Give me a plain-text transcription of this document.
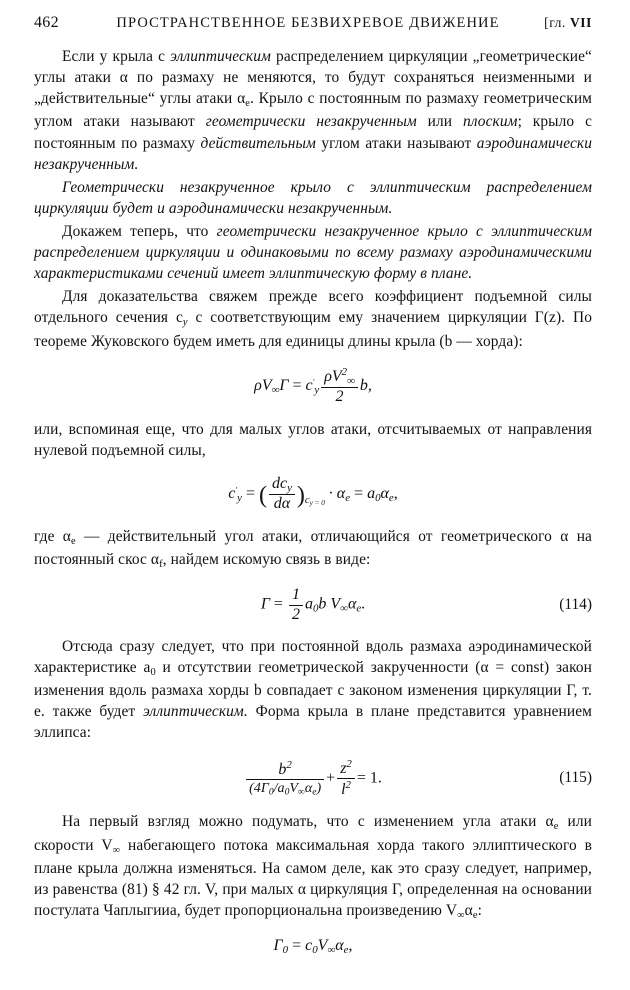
462	ПРОСТРАНСТВЕННОЕ БЕЗВИХРЕВОЕ ДВИЖЕНИЕ	[гл. VII

Если у крыла с эллиптическим распределением циркуляции „геометрические“ углы атаки α по размаху не меняются, то будут сохраняться неизменными и „действительные“ углы атаки $\alpha_e$. Крыло с постоянным по размаху геометрическим углом атаки называют геометрически незакрученным или плоским; крыло с постоянным по размаху действительным углом атаки называют аэродинамически незакрученным.

Геометрически незакрученное крыло с эллиптическим распределением циркуляции будет и аэродинамически незакрученным.

Докажем теперь, что геометрически незакрученное крыло с эллиптическим распределением циркуляции и одинаковыми по всему размаху аэродинамическими характеристиками сечений имеет эллиптическую форму в плане.

Для доказательства свяжем прежде всего коэффициент подъемной силы отдельного сечения $c_y$ с соответствующим ему значением циркуляции Γ(z). По теореме Жуковского будем иметь для единицы длины крыла (b — хорда):

$\rho V_\infty\Gamma = c'_y \frac{\rho V^2_\infty}{2} b$,

или, вспоминая еще, что для малых углов атаки, отсчитываемых от направления нулевой подъемной силы,

$c'_y$ = ( $\frac{dc_y}{d\alpha} )_{c_{y = 0}} \cdot \alpha_e = a_0\alpha_e$,

где $\alpha_e$ — действительный угол атаки, отличающийся от геометрического α на постоянный скос $\alpha_f$, найдем искомую связь в виде:

$\Gamma = \frac{1}{2} a_0b$ $V_\infty\alpha_e$.	(114)

Отсюда сразу следует, что при постоянной вдоль размаха аэродинамической характеристике $a_0$ и отсутствии геометрической закрученности (α = const) закон изменения вдоль размаха хорды b совпадает с законом изменения циркуляции Γ, т. е. также будет эллиптическим. Форма крыла в плане представится уравнением эллипса:

$\frac{b^2}{(4\Gamma_0/a_0V_\infty\alpha_e)} + \frac{z^2}{l^2} = 1$.	(115)

На первый взгляд можно подумать, что с изменением угла атаки $\alpha_e$ или скорости $V_\infty$ набегающего потока максимальная хорда такого эллиптического в плане крыла должна изменяться. На самом деле, как это сразу следует, например, из равенства (81) § 42 гл. V, при малых α циркуляция Γ, определенная на основании постулата Чаплыгииа, будет пропорциональна произведению $V_\infty\alpha_e$:

$\Gamma_0 = c_0V_\infty\alpha_e$,
